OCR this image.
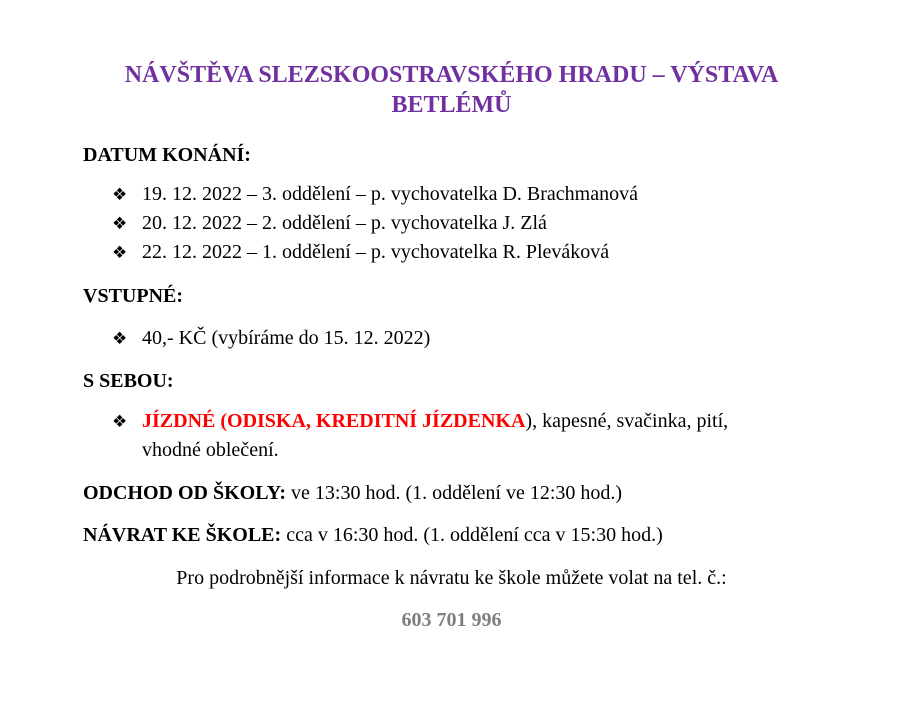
NÁVŠTĚVA SLEZSKOOSTRAVSKÉHO HRADU – VÝSTAVA
BETLÉMŮ
DATUM KONÁNÍ:
❖ 19. 12. 2022 – 3. oddělení – p. vychovatelka D. Brachmanová
❖ 20. 12. 2022 – 2. oddělení – p. vychovatelka J. Zlá
❖ 22. 12. 2022 – 1. oddělení – p. vychovatelka R. Pleváková
VSTUPNÉ:
❖ 40,- KČ (vybíráme do 15. 12. 2022)
S SEBOU:
❖ JÍZDNÉ (ODISKA, KREDITNÍ JÍZDENKA), kapesné, svačinka, pití,
vhodné oblečení.
ODCHOD OD ŠKOLY: ve 13:30 hod. (1. oddělení ve 12:30 hod.)
NÁVRAT KE ŠKOLE: cca v 16:30 hod. (1. oddělení cca v 15:30 hod.)
Pro podrobnější informace k návratu ke škole můžete volat na tel. č.:
603 701 996
